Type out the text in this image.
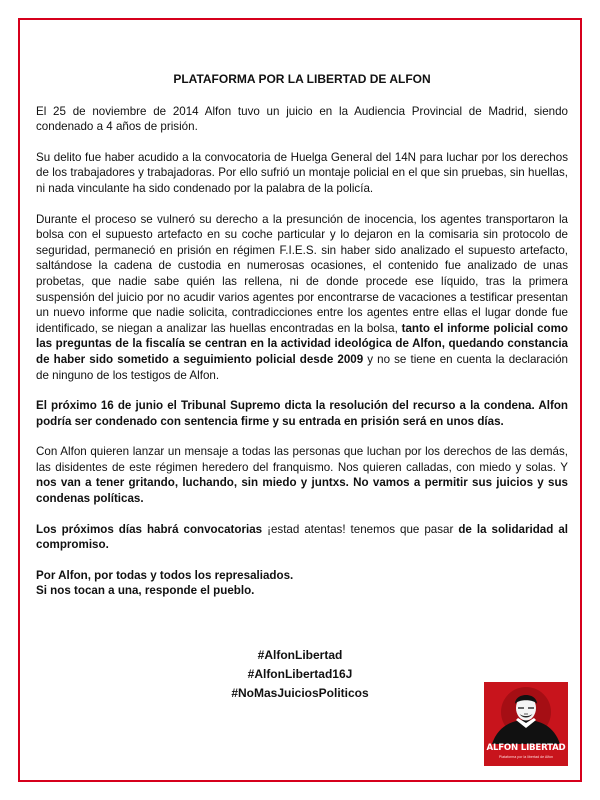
PLATAFORMA POR LA LIBERTAD DE ALFON

El 25 de noviembre de 2014 Alfon tuvo un juicio en la Audiencia Provincial de Madrid, siendo condenado a 4 años de prisión.

Su delito fue haber acudido a la convocatoria de Huelga General del 14N para luchar por los derechos de los trabajadores y trabajadoras. Por ello sufrió un montaje policial en el que sin pruebas, sin huellas, ni nada vinculante ha sido condenado por la palabra de la policía.

Durante el proceso se vulneró su derecho a la presunción de inocencia, los agentes transportaron la bolsa con el supuesto artefacto en su coche particular y lo dejaron en la comisaria sin protocolo de seguridad, permaneció en prisión en régimen F.I.E.S. sin haber sido analizado el supuesto artefacto, saltándose la cadena de custodia en numerosas ocasiones, el contenido fue analizado de unas probetas, que nadie sabe quién las rellena, ni de donde procede ese líquido, tras la primera suspensión del juicio por no acudir varios agentes por encontrarse de vacaciones a testificar presentan un nuevo informe que nadie solicita, contradicciones entre los agentes entre ellas el lugar donde fue identificado, se niegan a analizar las huellas encontradas en la bolsa, tanto el informe policial como las preguntas de la fiscalía se centran en la actividad ideológica de Alfon, quedando constancia de haber sido sometido a seguimiento policial desde 2009 y no se tiene en cuenta la declaración de ninguno de los testigos de Alfon.

El próximo 16 de junio el Tribunal Supremo dicta la resolución del recurso a la condena. Alfon podría ser condenado con sentencia firme y su entrada en prisión será en unos días.

Con Alfon quieren lanzar un mensaje a todas las personas que luchan por los derechos de las demás, las disidentes de este régimen heredero del franquismo. Nos quieren calladas, con miedo y solas. Y nos van a tener gritando, luchando, sin miedo y juntxs. No vamos a permitir sus juicios y sus condenas políticas.

Los próximos días habrá convocatorias ¡estad atentas! tenemos que pasar de la solidaridad al compromiso.

Por Alfon, por todas y todos los represaliados.
Si nos tocan a una, responde el pueblo.

#AlfonLibertad
#AlfonLibertad16J
#NoMasJuiciosPoliticos
ALFON LIBERTAD
Plataforma por la libertad de Alfon
